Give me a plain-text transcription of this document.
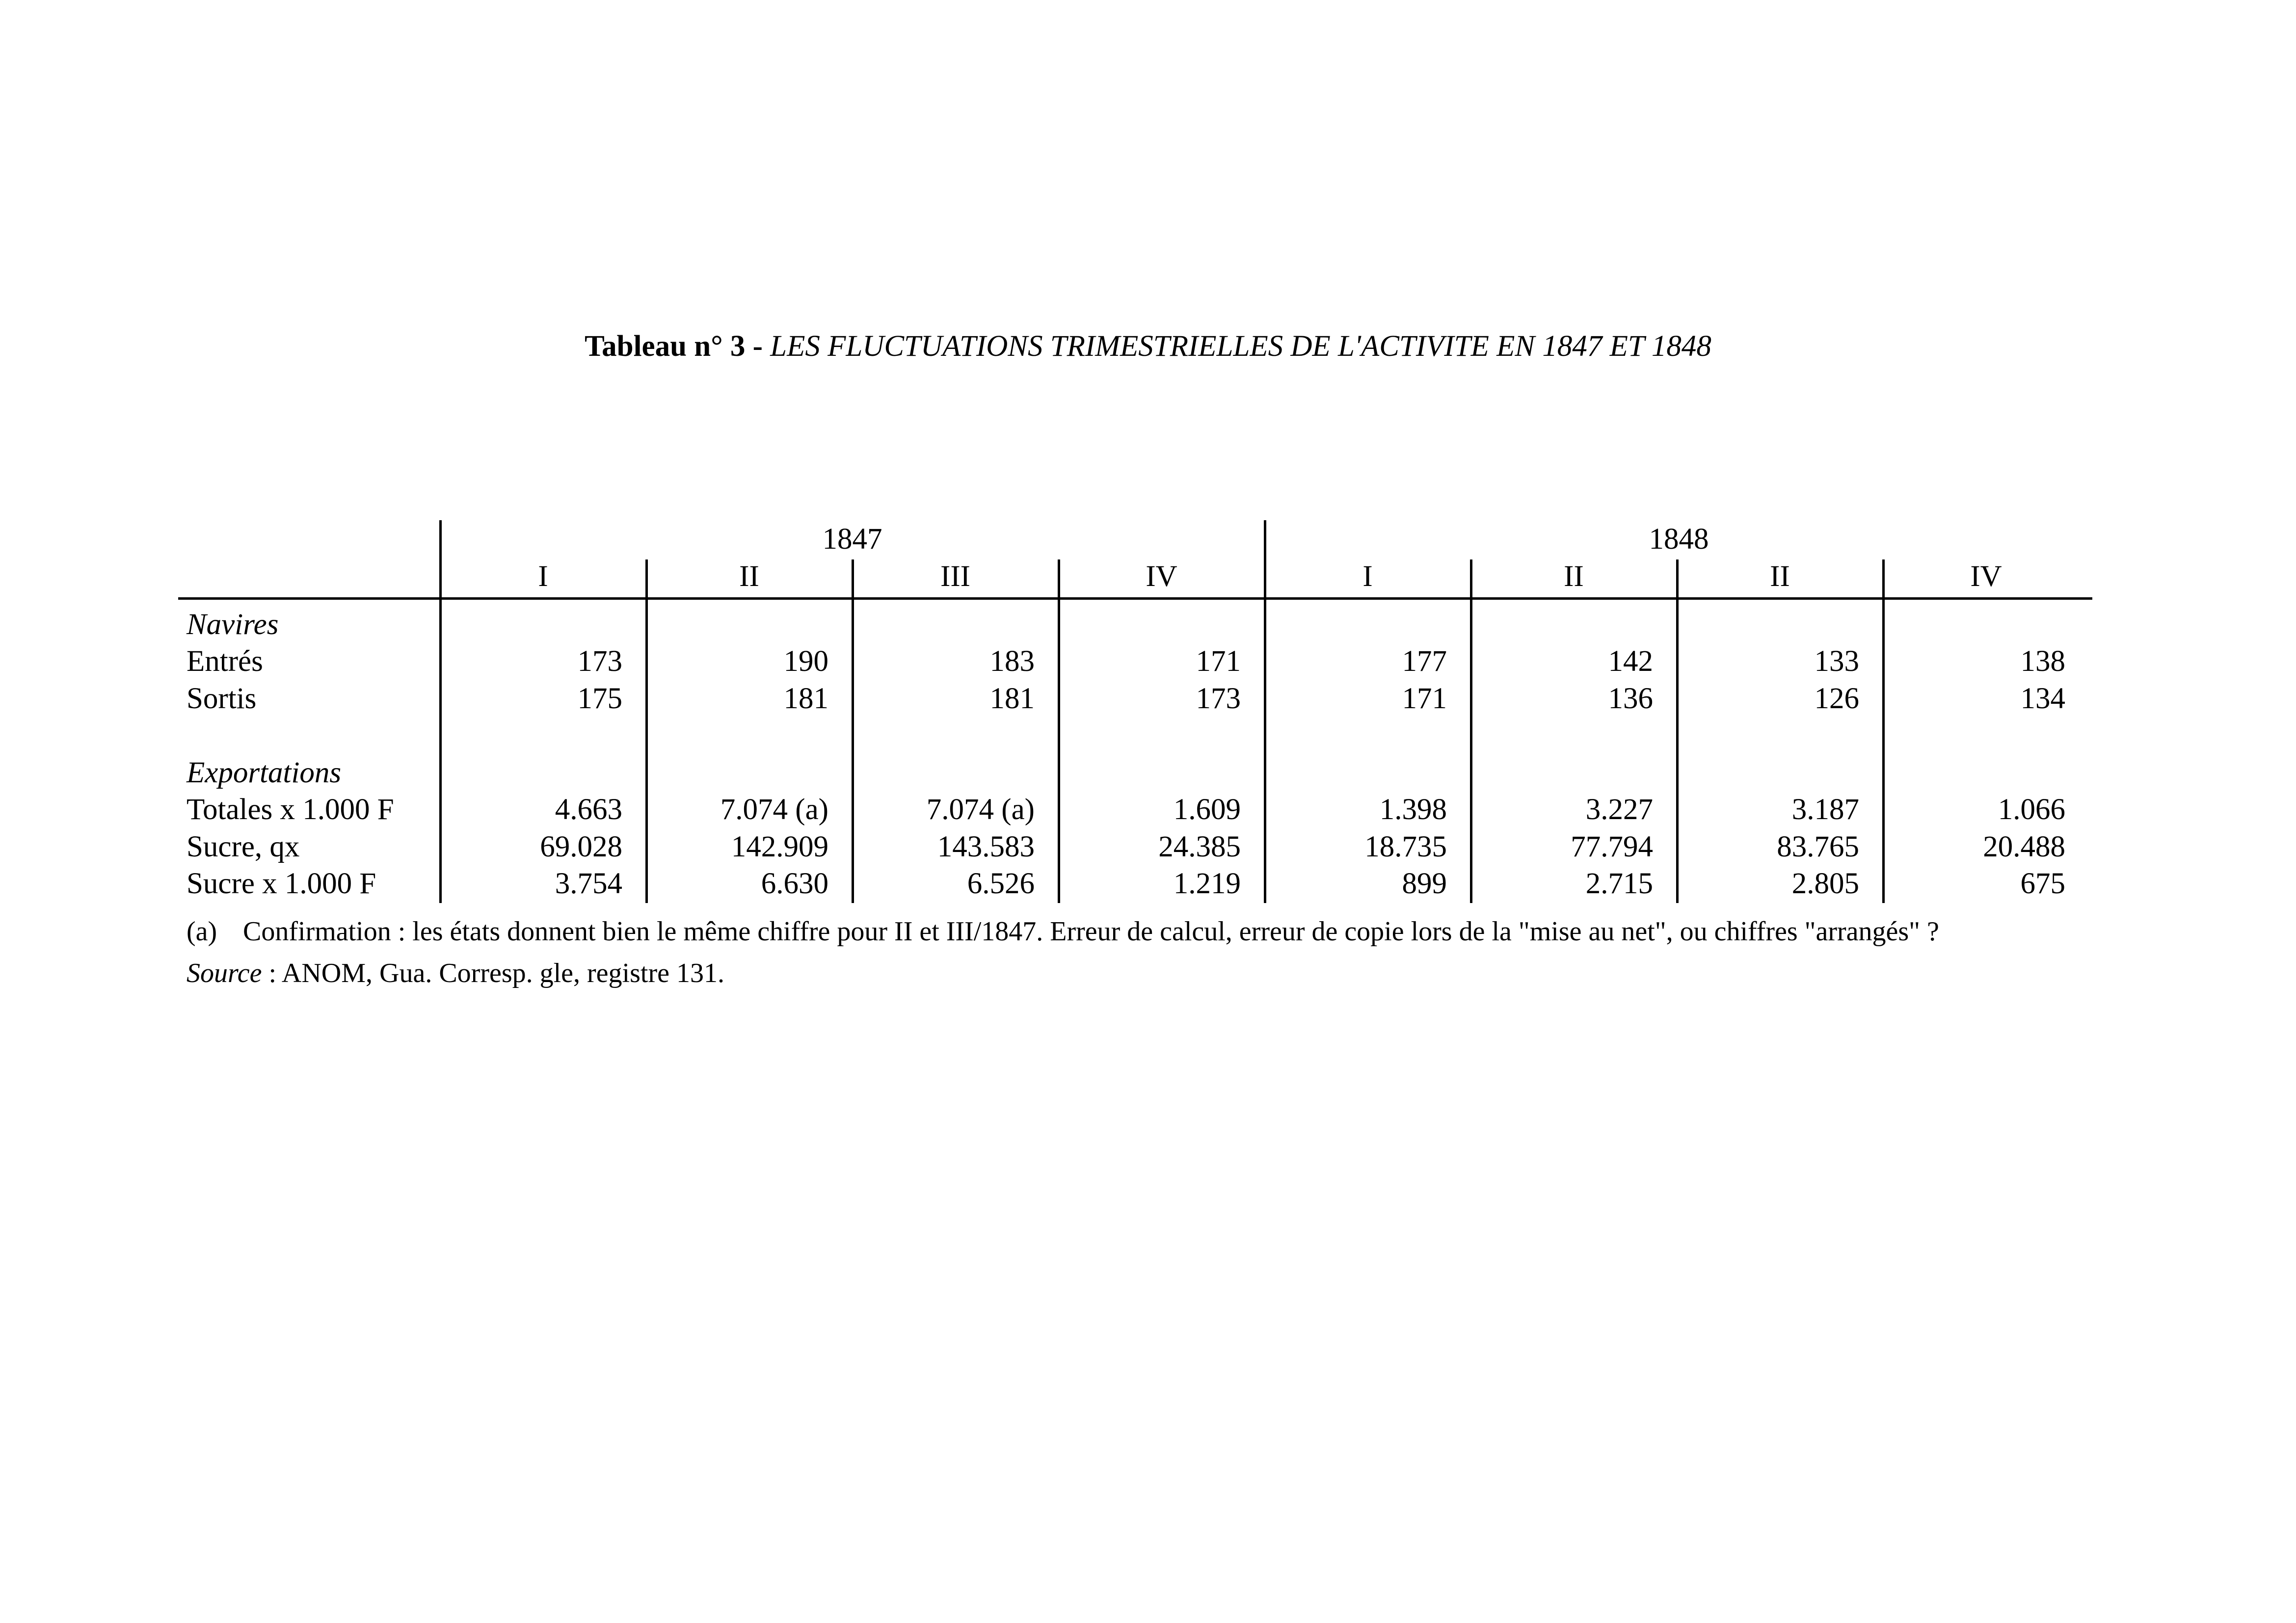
Tableau n° 3 - LES FLUCTUATIONS TRIMESTRIELLES DE L'ACTIVITE EN 1847 ET 1848
1847	1848
I	II	III	IV	I	II	II	IV
Navires
Entrés	173	190	183	171	177	142	133	138
Sortis	175	181	181	173	171	136	126	134
Exportations
Totales x 1.000 F	4.663	7.074 (a)	7.074 (a)	1.609	1.398	3.227	3.187	1.066
Sucre, qx	69.028	142.909	143.583	24.385	18.735	77.794	83.765	20.488
Sucre x 1.000 F	3.754	6.630	6.526	1.219	899	2.715	2.805	675
(a) Confirmation : les états donnent bien le même chiffre pour II et III/1847. Erreur de calcul, erreur de copie lors de la "mise au net", ou chiffres "arrangés" ?
Source : ANOM, Gua. Corresp. gle, registre 131.
